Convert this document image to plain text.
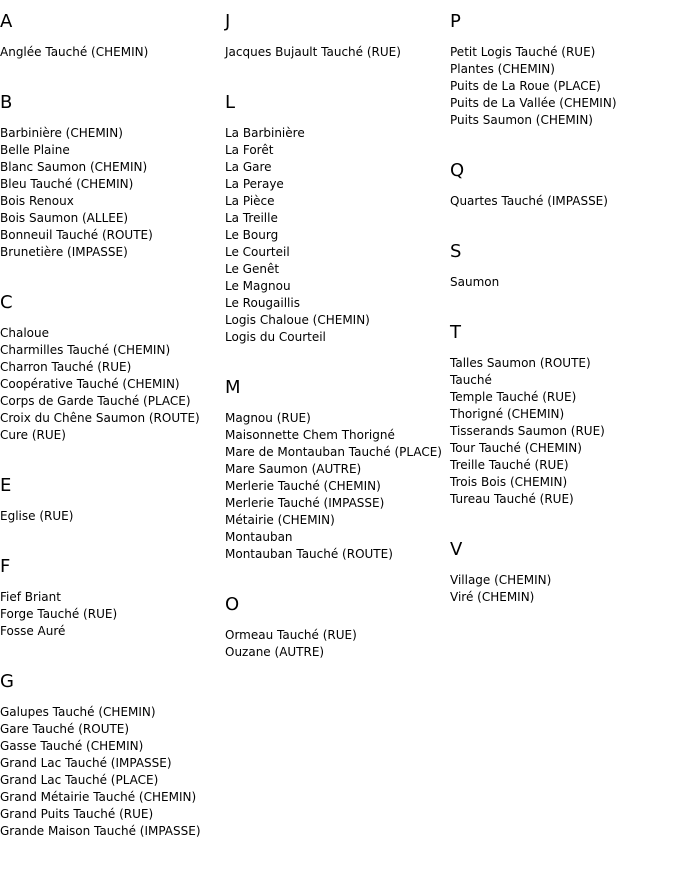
A
Anglée Tauché (CHEMIN)
B
Barbinière (CHEMIN)
Belle Plaine
Blanc Saumon (CHEMIN)
Bleu Tauché (CHEMIN)
Bois Renoux
Bois Saumon (ALLEE)
Bonneuil Tauché (ROUTE)
Brunetière (IMPASSE)
C
Chaloue
Charmilles Tauché (CHEMIN)
Charron Tauché (RUE)
Coopérative Tauché (CHEMIN)
Corps de Garde Tauché (PLACE)
Croix du Chêne Saumon (ROUTE)
Cure (RUE)
E
Eglise (RUE)
F
Fief Briant
Forge Tauché (RUE)
Fosse Auré
G
Galupes Tauché (CHEMIN)
Gare Tauché (ROUTE)
Gasse Tauché (CHEMIN)
Grand Lac Tauché (IMPASSE)
Grand Lac Tauché (PLACE)
Grand Métairie Tauché (CHEMIN)
Grand Puits Tauché (RUE)
Grande Maison Tauché (IMPASSE)
J
Jacques Bujault Tauché (RUE)
L
La Barbinière
La Forêt
La Gare
La Peraye
La Pièce
La Treille
Le Bourg
Le Courteil
Le Genêt
Le Magnou
Le Rougaillis
Logis Chaloue (CHEMIN)
Logis du Courteil
M
Magnou (RUE)
Maisonnette Chem Thorigné
Mare de Montauban Tauché (PLACE)
Mare Saumon (AUTRE)
Merlerie Tauché (CHEMIN)
Merlerie Tauché (IMPASSE)
Métairie (CHEMIN)
Montauban
Montauban Tauché (ROUTE)
O
Ormeau Tauché (RUE)
Ouzane (AUTRE)
P
Petit Logis Tauché (RUE)
Plantes (CHEMIN)
Puits de La Roue (PLACE)
Puits de La Vallée (CHEMIN)
Puits Saumon (CHEMIN)
Q
Quartes Tauché (IMPASSE)
S
Saumon
T
Talles Saumon (ROUTE)
Tauché
Temple Tauché (RUE)
Thorigné (CHEMIN)
Tisserands Saumon (RUE)
Tour Tauché (CHEMIN)
Treille Tauché (RUE)
Trois Bois (CHEMIN)
Tureau Tauché (RUE)
V
Village (CHEMIN)
Viré (CHEMIN)
